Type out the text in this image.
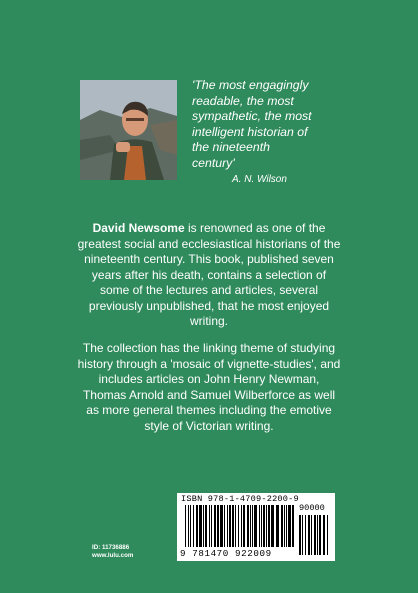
'The most engagingly
readable, the most
sympathetic, the most
intelligent historian of
the nineteenth
century'
A. N. Wilson
David Newsome is renowned as one of the greatest social and ecclesiastical historians of the nineteenth century. This book, published seven years after his death, contains a selection of some of the lectures and articles, several previously unpublished, that he most enjoyed writing.
The collection has the linking theme of studying history through a 'mosaic of vignette-studies', and includes articles on John Henry Newman, Thomas Arnold and Samuel Wilberforce as well as more general themes including the emotive style of Victorian writing.
ID: 11736886
www.lulu.com
ISBN 978-1-4709-2200-9
90000
9 781470 922009
